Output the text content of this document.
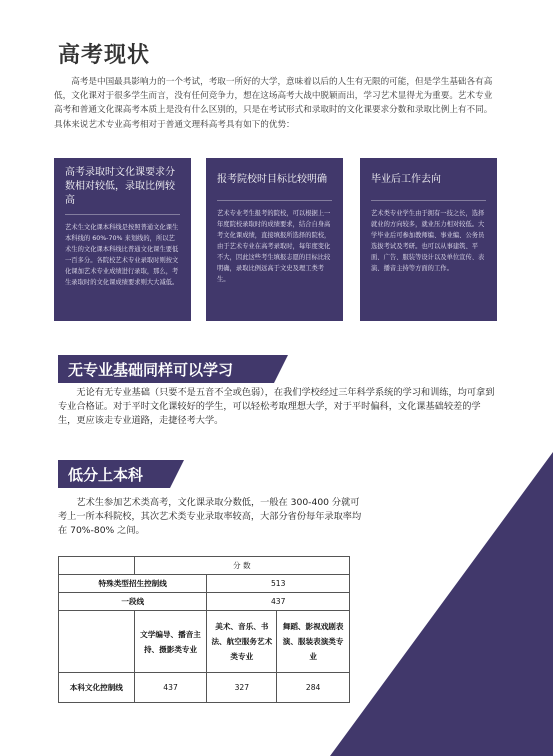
高考现状

高考是中国最具影响力的一个考试，考取一所好的大学，意味着以后的人生有无限的可能，但是学生基础各有高低，文化课对于很多学生而言，没有任何竞争力，想在这场高考大战中脱颖而出，学习艺术显得尤为重要。艺术专业高考和普通文化课高考本质上是没有什么区别的，只是在考试形式和录取时的文化课要求分数和录取比例上有不同。具体来说艺术专业高考相对于普通文理科高考具有如下的优势：

高考录取时文化课要求分数相对较低，录取比例较高
艺术生文化课本科线是按照普通文化课生本科线的 60%-70% 来划线的，所以艺术生的文化课本科线比普通文化课生要低一百多分。各院校艺术专业录取时则按文化课加艺术专业成绩进行录取，那么，考生录取时的文化课成绩要求则大大减低。
报考院校时目标比较明确
艺术专业考生报考的院校，可以根据上一年度院校录取时的成绩要求，结合自身高考文化课成绩，直接填报所选择的院校，由于艺术专业在高考录取时，每年度变化不大，因此这些考生填报志愿的目标比较明确，录取比例远高于文史及理工类考生。
毕业后工作去向
艺术类专业学生由于拥有一技之长，选择就业的方向较多，就业压力相对较低。大学毕业后可参加教师编、事业编、公务员选拔考试及考研。也可以从事建筑、平面、广告、服装等设计以及单位宣传、表演、播音主持等方面的工作。
无专业基础同样可以学习

无论有无专业基础（只要不是五音不全或色弱），在我们学校经过三年科学系统的学习和训练，均可拿到专业合格证。对于平时文化课较好的学生，可以轻松考取理想大学，对于平时偏科，文化课基础较差的学生，更应该走专业道路，走捷径考大学。

低分上本科

艺术生参加艺术类高考，文化课录取分数低，一般在 300-400 分就可考上一所本科院校，其次艺术类专业录取率较高，大部分省份每年录取率均在 70%-80% 之间。

	分 数		
特殊类型招生控制线		513	
一段线		437	
	文学编导、播音主持、摄影类专业	美术、音乐、书法、航空服务艺术类专业	舞蹈、影视戏剧表演、服装表演类专业
本科文化控制线	437	327	284
